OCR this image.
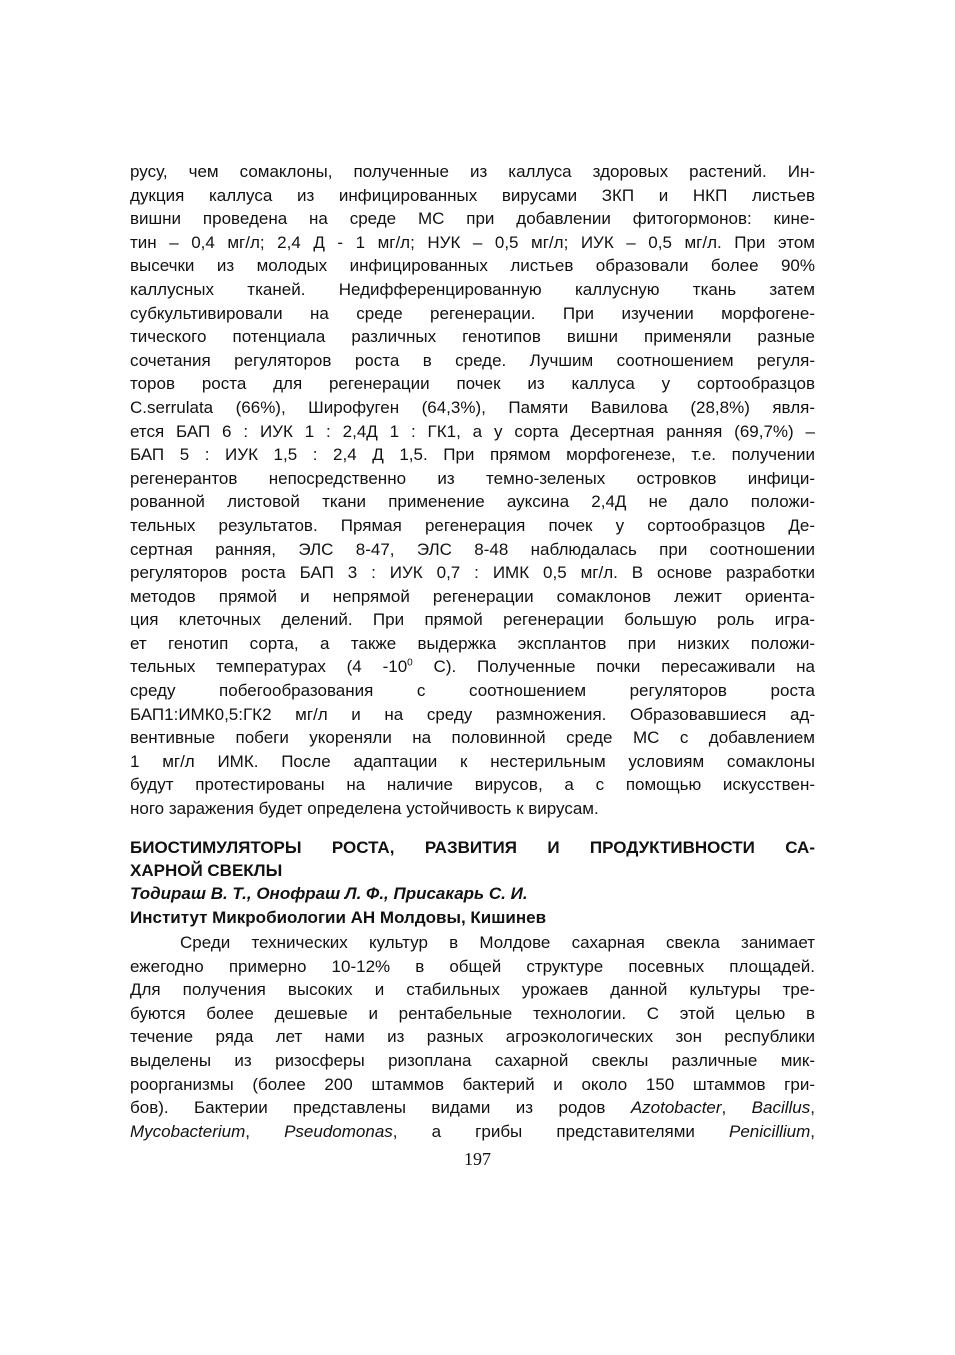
русу, чем сомаклоны, полученные из каллуса здоровых растений. Ин-
дукция каллуса из инфицированных вирусами ЗКП и НКП листьев
вишни проведена на среде МС при добавлении фитогормонов: кине-
тин – 0,4 мг/л; 2,4 Д - 1 мг/л; НУК – 0,5 мг/л; ИУК – 0,5 мг/л. При этом
высечки из молодых инфицированных листьев образовали более 90%
каллусных тканей. Недифференцированную каллусную ткань затем
субкультивировали на среде регенерации. При изучении морфогене-
тического потенциала различных генотипов вишни применяли разные
сочетания регуляторов роста в среде. Лучшим соотношением регуля-
торов роста для регенерации почек из каллуса у сортообразцов
C.serrulata (66%), Широфуген (64,3%), Памяти Вавилова (28,8%) явля-
ется БАП 6 : ИУК 1 : 2,4Д 1 : ГК1, а у сорта Десертная ранняя (69,7%) –
БАП 5 : ИУК 1,5 : 2,4 Д 1,5. При прямом морфогенезе, т.е. получении
регенерантов непосредственно из темно-зеленых островков инфици-
рованной листовой ткани применение ауксина 2,4Д не дало положи-
тельных результатов. Прямая регенерация почек у сортообразцов Де-
сертная ранняя, ЭЛС 8-47, ЭЛС 8-48 наблюдалась при соотношении
регуляторов роста БАП 3 : ИУК 0,7 : ИМК 0,5 мг/л. В основе разработки
методов прямой и непрямой регенерации сомаклонов лежит ориента-
ция клеточных делений. При прямой регенерации большую роль игра-
ет генотип сорта, а также выдержка эксплантов при низких положи-
тельных температурах (4 $-10^0$ С). Полученные почки пересаживали на
среду побегообразования с соотношением регуляторов роста
БАП1:ИМК0,5:ГК2 мг/л и на среду размножения. Образовавшиеся ад-
вентивные побеги укореняли на половинной среде МС с добавлением
1 мг/л ИМК. После адаптации к нестерильным условиям сомаклоны
будут протестированы на наличие вирусов, а с помощью искусствен-
ного заражения будет определена устойчивость к вирусам.
БИОСТИМУЛЯТОРЫ РОСТА, РАЗВИТИЯ И ПРОДУКТИВНОСТИ СА-
ХАРНОЙ СВЕКЛЫ

Тодираш В. Т., Онофраш Л. Ф., Присакарь С. И.

Институт Микробиологии АН Молдовы, Кишинев

Среди технических культур в Молдове сахарная свекла занимает
ежегодно примерно 10-12% в общей структуре посевных площадей.
Для получения высоких и стабильных урожаев данной культуры тре-
буются более дешевые и рентабельные технологии. С этой целью в
течение ряда лет нами из разных агроэкологических зон республики
выделены из ризосферы ризоплана сахарной свеклы различные мик-
роорганизмы (более 200 штаммов бактерий и около 150 штаммов гри-
бов). Бактерии представлены видами из родов Azotobacter, Bacillus,
Mycobacterium, Pseudomonas, а грибы представителями Penicillium,

197
